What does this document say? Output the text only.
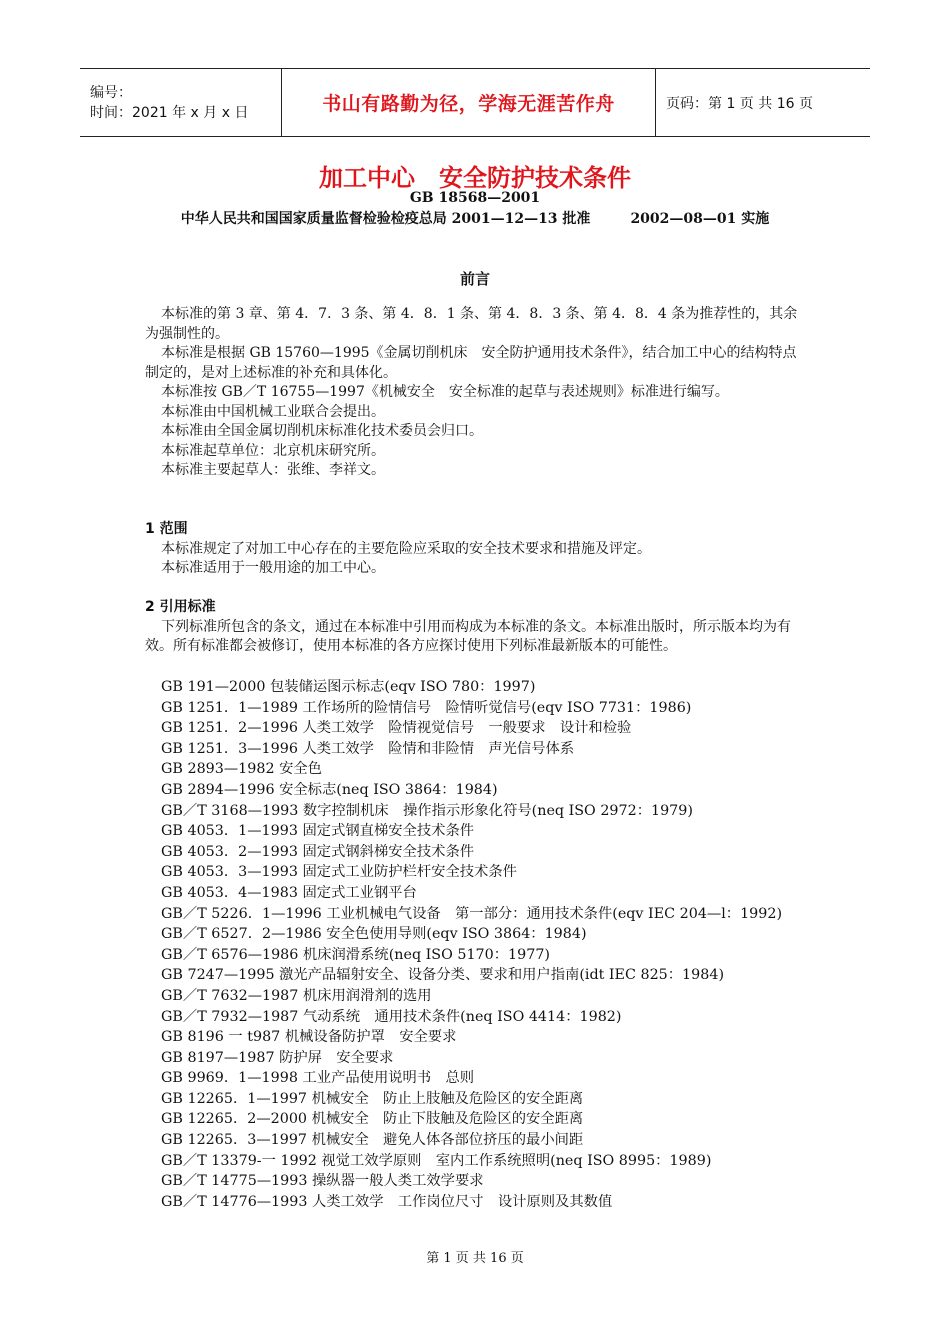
编号：
时间：2021 年 x 月 x 日	书山有路勤为径，学海无涯苦作舟	页码：第 1 页 共 16 页
加工中心　安全防护技术条件
GB 18568—2001
中华人民共和国国家质量监督检验检疫总局 2001—12—13 批准	2002—08—01 实施
前言

本标准的第 3 章、第 4．7．3 条、第 4．8．1 条、第 4．8．3 条、第 4．8．4 条为推荐性的，其余为强制性的。

本标准是根据 GB 15760—1995《金属切削机床　安全防护通用技术条件》，结合加工中心的结构特点制定的，是对上述标准的补充和具体化。

本标准按 GB／T 16755—1997《机械安全　安全标准的起草与表述规则》标准进行编写。

本标准由中国机械工业联合会提出。

本标准由全国金属切削机床标准化技术委员会归口。

本标准起草单位：北京机床研究所。

本标准主要起草人：张维、李祥文。

1 范围

本标准规定了对加工中心存在的主要危险应采取的安全技术要求和措施及评定。

本标准适用于一般用途的加工中心。

2 引用标准

下列标准所包含的条文，通过在本标准中引用而构成为本标准的条文。本标准出版时，所示版本均为有效。所有标准都会被修订，使用本标准的各方应探讨使用下列标准最新版本的可能性。

GB 191—2000 包装储运图示标志(eqv ISO 780：1997)
GB 1251．1—1989 工作场所的险情信号　险情听觉信号(eqv ISO 7731：1986)
GB 1251．2—1996 人类工效学　险情视觉信号　一般要求　设计和检验
GB 1251．3—1996 人类工效学　险情和非险情　声光信号体系
GB 2893—1982 安全色
GB 2894—1996 安全标志(neq ISO 3864：1984)
GB／T 3168—1993 数字控制机床　操作指示形象化符号(neq ISO 2972：1979)
GB 4053．1—1993 固定式钢直梯安全技术条件
GB 4053．2—1993 固定式钢斜梯安全技术条件
GB 4053．3—1993 固定式工业防护栏杆安全技术条件
GB 4053．4—1983 固定式工业钢平台
GB／T 5226．1—1996 工业机械电气设备　第一部分：通用技术条件(eqv IEC 204—l：1992)
GB／T 6527．2—1986 安全色使用导则(eqv ISO 3864：1984)
GB／T 6576—1986 机床润滑系统(neq ISO 5170：1977)
GB 7247—1995 激光产品辐射安全、设备分类、要求和用户指南(idt IEC 825：1984)
GB／T 7632—1987 机床用润滑剂的选用
GB／T 7932—1987 气动系统　通用技术条件(neq ISO 4414：1982)
GB 8196 一 t987 机械设备防护罩　安全要求
GB 8197—1987 防护屏　安全要求
GB 9969．1—1998 工业产品使用说明书　总则
GB 12265．1—1997 机械安全　防止上肢触及危险区的安全距离
GB 12265．2—2000 机械安全　防止下肢触及危险区的安全距离
GB 12265．3—1997 机械安全　避免人体各部位挤压的最小间距
GB／T 13379-一 1992 视觉工效学原则　室内工作系统照明(neq ISO 8995：1989)
GB／T 14775—1993 操纵器一般人类工效学要求
GB／T 14776—1993 人类工效学　工作岗位尺寸　设计原则及其数值
第 1 页 共 16 页
